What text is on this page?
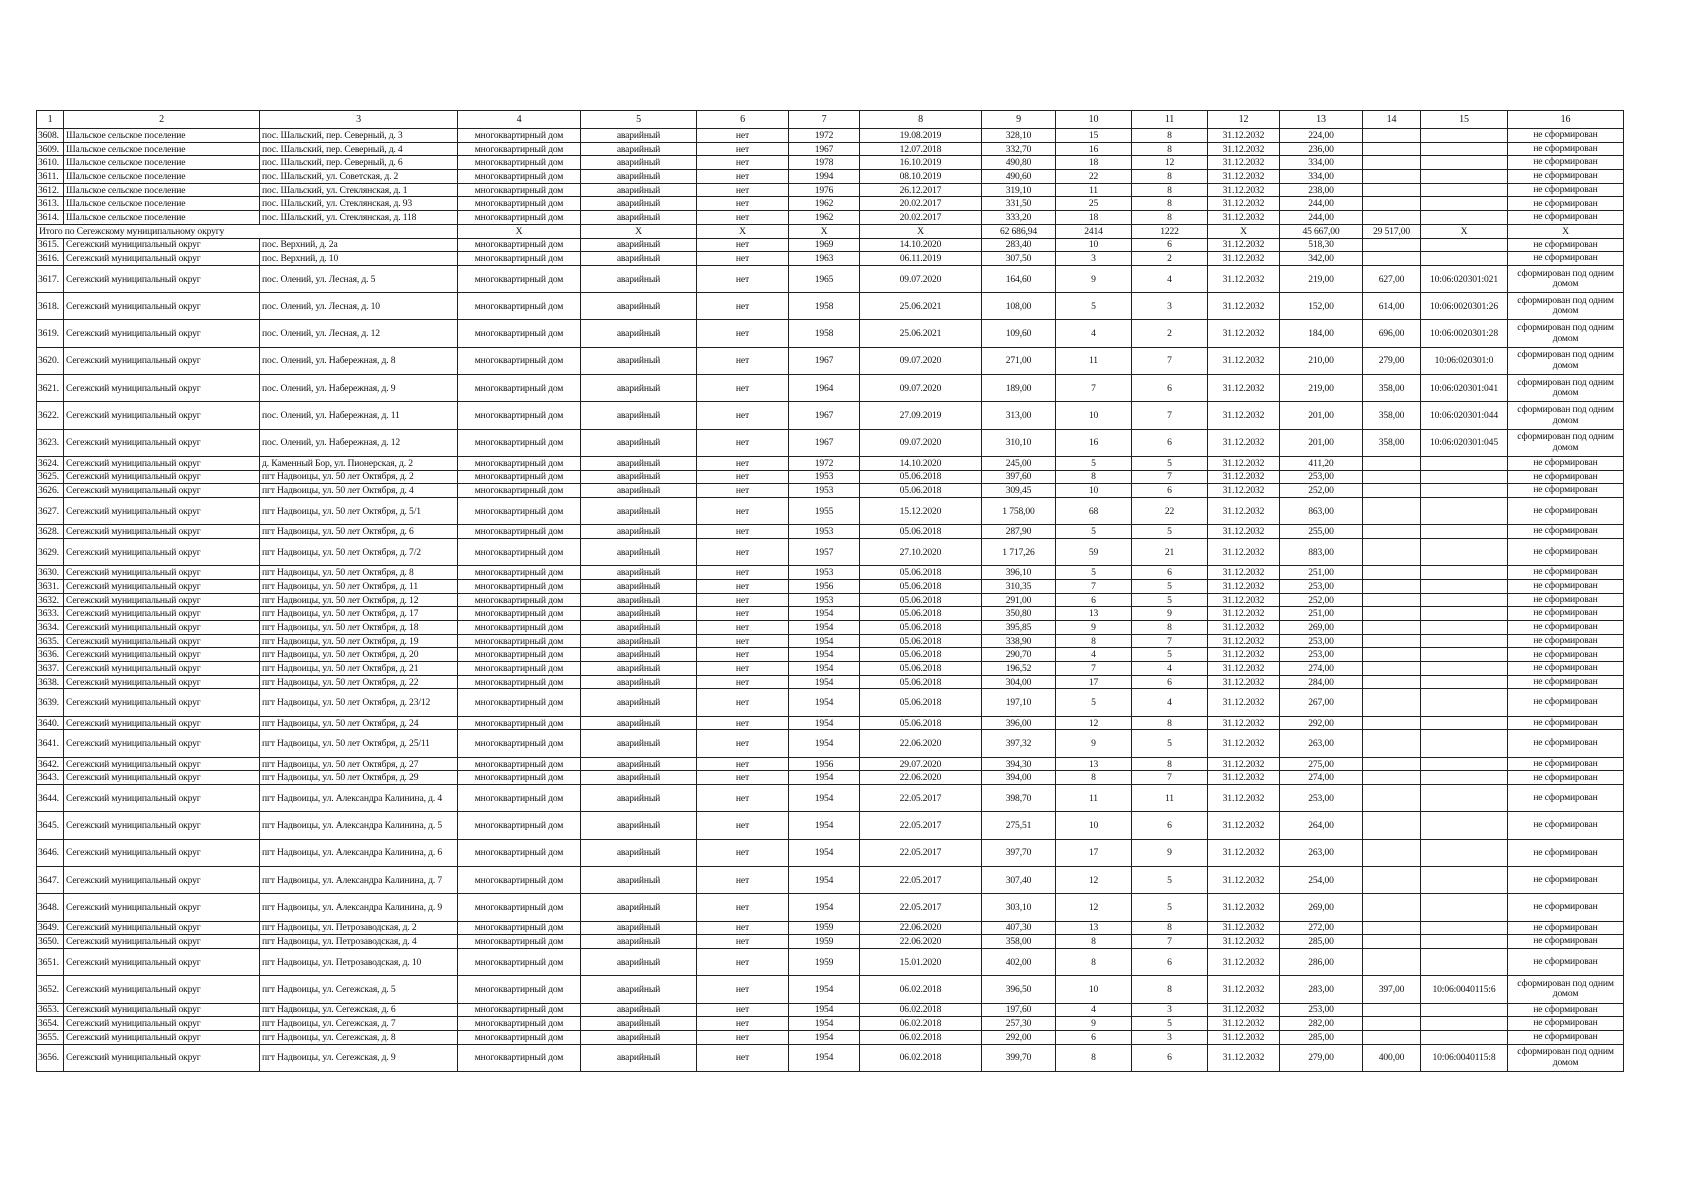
1	2	3	4	5	6	7	8	9	10	11	12	13	14	15	16
3608.	Шальское сельское поселение	пос. Шальский, пер. Северный, д. 3	многоквартирный дом	аварийный	нет	1972	19.08.2019	328,10	15	8	31.12.2032	224,00			не сформирован
3609.	Шальское сельское поселение	пос. Шальский, пер. Северный, д. 4	многоквартирный дом	аварийный	нет	1967	12.07.2018	332,70	16	8	31.12.2032	236,00			не сформирован
3610.	Шальское сельское поселение	пос. Шальский, пер. Северный, д. 6	многоквартирный дом	аварийный	нет	1978	16.10.2019	490,80	18	12	31.12.2032	334,00			не сформирован
3611.	Шальское сельское поселение	пос. Шальский, ул. Советская, д. 2	многоквартирный дом	аварийный	нет	1994	08.10.2019	490,60	22	8	31.12.2032	334,00			не сформирован
3612.	Шальское сельское поселение	пос. Шальский, ул. Стеклянская, д. 1	многоквартирный дом	аварийный	нет	1976	26.12.2017	319,10	11	8	31.12.2032	238,00			не сформирован
3613.	Шальское сельское поселение	пос. Шальский, ул. Стеклянская, д. 93	многоквартирный дом	аварийный	нет	1962	20.02.2017	331,50	25	8	31.12.2032	244,00			не сформирован
3614.	Шальское сельское поселение	пос. Шальский, ул. Стеклянская, д. 118	многоквартирный дом	аварийный	нет	1962	20.02.2017	333,20	18	8	31.12.2032	244,00			не сформирован
Итого по Сегежскому муниципальному округу			X	X	X	X	X	62 686,94	2414	1222	X	45 667,00	29 517,00	X	X
3615.	Сегежский муниципальный округ	пос. Верхний, д. 2а	многоквартирный дом	аварийный	нет	1969	14.10.2020	283,40	10	6	31.12.2032	518,30			не сформирован
3616.	Сегежский муниципальный округ	пос. Верхний, д. 10	многоквартирный дом	аварийный	нет	1963	06.11.2019	307,50	3	2	31.12.2032	342,00			не сформирован
3617.	Сегежский муниципальный округ	пос. Олений, ул. Лесная, д. 5	многоквартирный дом	аварийный	нет	1965	09.07.2020	164,60	9	4	31.12.2032	219,00	627,00	10:06:020301:021	сформирован под одним домом
3618.	Сегежский муниципальный округ	пос. Олений, ул. Лесная, д. 10	многоквартирный дом	аварийный	нет	1958	25.06.2021	108,00	5	3	31.12.2032	152,00	614,00	10:06:0020301:26	сформирован под одним домом
3619.	Сегежский муниципальный округ	пос. Олений, ул. Лесная, д. 12	многоквартирный дом	аварийный	нет	1958	25.06.2021	109,60	4	2	31.12.2032	184,00	696,00	10:06:0020301:28	сформирован под одним домом
3620.	Сегежский муниципальный округ	пос. Олений, ул. Набережная, д. 8	многоквартирный дом	аварийный	нет	1967	09.07.2020	271,00	11	7	31.12.2032	210,00	279,00	10:06:020301:0	сформирован под одним домом
3621.	Сегежский муниципальный округ	пос. Олений, ул. Набережная, д. 9	многоквартирный дом	аварийный	нет	1964	09.07.2020	189,00	7	6	31.12.2032	219,00	358,00	10:06:020301:041	сформирован под одним домом
3622.	Сегежский муниципальный округ	пос. Олений, ул. Набережная, д. 11	многоквартирный дом	аварийный	нет	1967	27.09.2019	313,00	10	7	31.12.2032	201,00	358,00	10:06:020301:044	сформирован под одним домом
3623.	Сегежский муниципальный округ	пос. Олений, ул. Набережная, д. 12	многоквартирный дом	аварийный	нет	1967	09.07.2020	310,10	16	6	31.12.2032	201,00	358,00	10:06:020301:045	сформирован под одним домом
3624.	Сегежский муниципальный округ	д. Каменный Бор, ул. Пионерская, д. 2	многоквартирный дом	аварийный	нет	1972	14.10.2020	245,00	5	5	31.12.2032	411,20			не сформирован
3625.	Сегежский муниципальный округ	пгт Надвоицы, ул. 50 лет Октября, д. 2	многоквартирный дом	аварийный	нет	1953	05.06.2018	397,60	8	7	31.12.2032	253,00			не сформирован
3626.	Сегежский муниципальный округ	пгт Надвоицы, ул. 50 лет Октября, д. 4	многоквартирный дом	аварийный	нет	1953	05.06.2018	309,45	10	6	31.12.2032	252,00			не сформирован
3627.	Сегежский муниципальный округ	пгт Надвоицы, ул. 50 лет Октября, д. 5/1	многоквартирный дом	аварийный	нет	1955	15.12.2020	1 758,00	68	22	31.12.2032	863,00			не сформирован
3628.	Сегежский муниципальный округ	пгт Надвоицы, ул. 50 лет Октября, д. 6	многоквартирный дом	аварийный	нет	1953	05.06.2018	287,90	5	5	31.12.2032	255,00			не сформирован
3629.	Сегежский муниципальный округ	пгт Надвоицы, ул. 50 лет Октября, д. 7/2	многоквартирный дом	аварийный	нет	1957	27.10.2020	1 717,26	59	21	31.12.2032	883,00			не сформирован
3630.	Сегежский муниципальный округ	пгт Надвоицы, ул. 50 лет Октября, д. 8	многоквартирный дом	аварийный	нет	1953	05.06.2018	396,10	5	6	31.12.2032	251,00			не сформирован
3631.	Сегежский муниципальный округ	пгт Надвоицы, ул. 50 лет Октября, д. 11	многоквартирный дом	аварийный	нет	1956	05.06.2018	310,35	7	5	31.12.2032	253,00			не сформирован
3632.	Сегежский муниципальный округ	пгт Надвоицы, ул. 50 лет Октября, д. 12	многоквартирный дом	аварийный	нет	1953	05.06.2018	291,00	6	5	31.12.2032	252,00			не сформирован
3633.	Сегежский муниципальный округ	пгт Надвоицы, ул. 50 лет Октября, д. 17	многоквартирный дом	аварийный	нет	1954	05.06.2018	350,80	13	9	31.12.2032	251,00			не сформирован
3634.	Сегежский муниципальный округ	пгт Надвоицы, ул. 50 лет Октября, д. 18	многоквартирный дом	аварийный	нет	1954	05.06.2018	395,85	9	8	31.12.2032	269,00			не сформирован
3635.	Сегежский муниципальный округ	пгт Надвоицы, ул. 50 лет Октября, д. 19	многоквартирный дом	аварийный	нет	1954	05.06.2018	338,90	8	7	31.12.2032	253,00			не сформирован
3636.	Сегежский муниципальный округ	пгт Надвоицы, ул. 50 лет Октября, д. 20	многоквартирный дом	аварийный	нет	1954	05.06.2018	290,70	4	5	31.12.2032	253,00			не сформирован
3637.	Сегежский муниципальный округ	пгт Надвоицы, ул. 50 лет Октября, д. 21	многоквартирный дом	аварийный	нет	1954	05.06.2018	196,52	7	4	31.12.2032	274,00			не сформирован
3638.	Сегежский муниципальный округ	пгт Надвоицы, ул. 50 лет Октября, д. 22	многоквартирный дом	аварийный	нет	1954	05.06.2018	304,00	17	6	31.12.2032	284,00			не сформирован
3639.	Сегежский муниципальный округ	пгт Надвоицы, ул. 50 лет Октября, д. 23/12	многоквартирный дом	аварийный	нет	1954	05.06.2018	197,10	5	4	31.12.2032	267,00			не сформирован
3640.	Сегежский муниципальный округ	пгт Надвоицы, ул. 50 лет Октября, д. 24	многоквартирный дом	аварийный	нет	1954	05.06.2018	396,00	12	8	31.12.2032	292,00			не сформирован
3641.	Сегежский муниципальный округ	пгт Надвоицы, ул. 50 лет Октября, д. 25/11	многоквартирный дом	аварийный	нет	1954	22.06.2020	397,32	9	5	31.12.2032	263,00			не сформирован
3642.	Сегежский муниципальный округ	пгт Надвоицы, ул. 50 лет Октября, д. 27	многоквартирный дом	аварийный	нет	1956	29.07.2020	394,30	13	8	31.12.2032	275,00			не сформирован
3643.	Сегежский муниципальный округ	пгт Надвоицы, ул. 50 лет Октября, д. 29	многоквартирный дом	аварийный	нет	1954	22.06.2020	394,00	8	7	31.12.2032	274,00			не сформирован
3644.	Сегежский муниципальный округ	пгт Надвоицы, ул. Александра Калинина, д. 4	многоквартирный дом	аварийный	нет	1954	22.05.2017	398,70	11	11	31.12.2032	253,00			не сформирован
3645.	Сегежский муниципальный округ	пгт Надвоицы, ул. Александра Калинина, д. 5	многоквартирный дом	аварийный	нет	1954	22.05.2017	275,51	10	6	31.12.2032	264,00			не сформирован
3646.	Сегежский муниципальный округ	пгт Надвоицы, ул. Александра Калинина, д. 6	многоквартирный дом	аварийный	нет	1954	22.05.2017	397,70	17	9	31.12.2032	263,00			не сформирован
3647.	Сегежский муниципальный округ	пгт Надвоицы, ул. Александра Калинина, д. 7	многоквартирный дом	аварийный	нет	1954	22.05.2017	307,40	12	5	31.12.2032	254,00			не сформирован
3648.	Сегежский муниципальный округ	пгт Надвоицы, ул. Александра Калинина, д. 9	многоквартирный дом	аварийный	нет	1954	22.05.2017	303,10	12	5	31.12.2032	269,00			не сформирован
3649.	Сегежский муниципальный округ	пгт Надвоицы, ул. Петрозаводская, д. 2	многоквартирный дом	аварийный	нет	1959	22.06.2020	407,30	13	8	31.12.2032	272,00			не сформирован
3650.	Сегежский муниципальный округ	пгт Надвоицы, ул. Петрозаводская, д. 4	многоквартирный дом	аварийный	нет	1959	22.06.2020	358,00	8	7	31.12.2032	285,00			не сформирован
3651.	Сегежский муниципальный округ	пгт Надвоицы, ул. Петрозаводская, д. 10	многоквартирный дом	аварийный	нет	1959	15.01.2020	402,00	8	6	31.12.2032	286,00			не сформирован
3652.	Сегежский муниципальный округ	пгт Надвоицы, ул. Сегежская, д. 5	многоквартирный дом	аварийный	нет	1954	06.02.2018	396,50	10	8	31.12.2032	283,00	397,00	10:06:0040115:6	сформирован под одним домом
3653.	Сегежский муниципальный округ	пгт Надвоицы, ул. Сегежская, д. 6	многоквартирный дом	аварийный	нет	1954	06.02.2018	197,60	4	3	31.12.2032	253,00			не сформирован
3654.	Сегежский муниципальный округ	пгт Надвоицы, ул. Сегежская, д. 7	многоквартирный дом	аварийный	нет	1954	06.02.2018	257,30	9	5	31.12.2032	282,00			не сформирован
3655.	Сегежский муниципальный округ	пгт Надвоицы, ул. Сегежская, д. 8	многоквартирный дом	аварийный	нет	1954	06.02.2018	292,00	6	3	31.12.2032	285,00			не сформирован
3656.	Сегежский муниципальный округ	пгт Надвоицы, ул. Сегежская, д. 9	многоквартирный дом	аварийный	нет	1954	06.02.2018	399,70	8	6	31.12.2032	279,00	400,00	10:06:0040115:8	сформирован под одним домом
